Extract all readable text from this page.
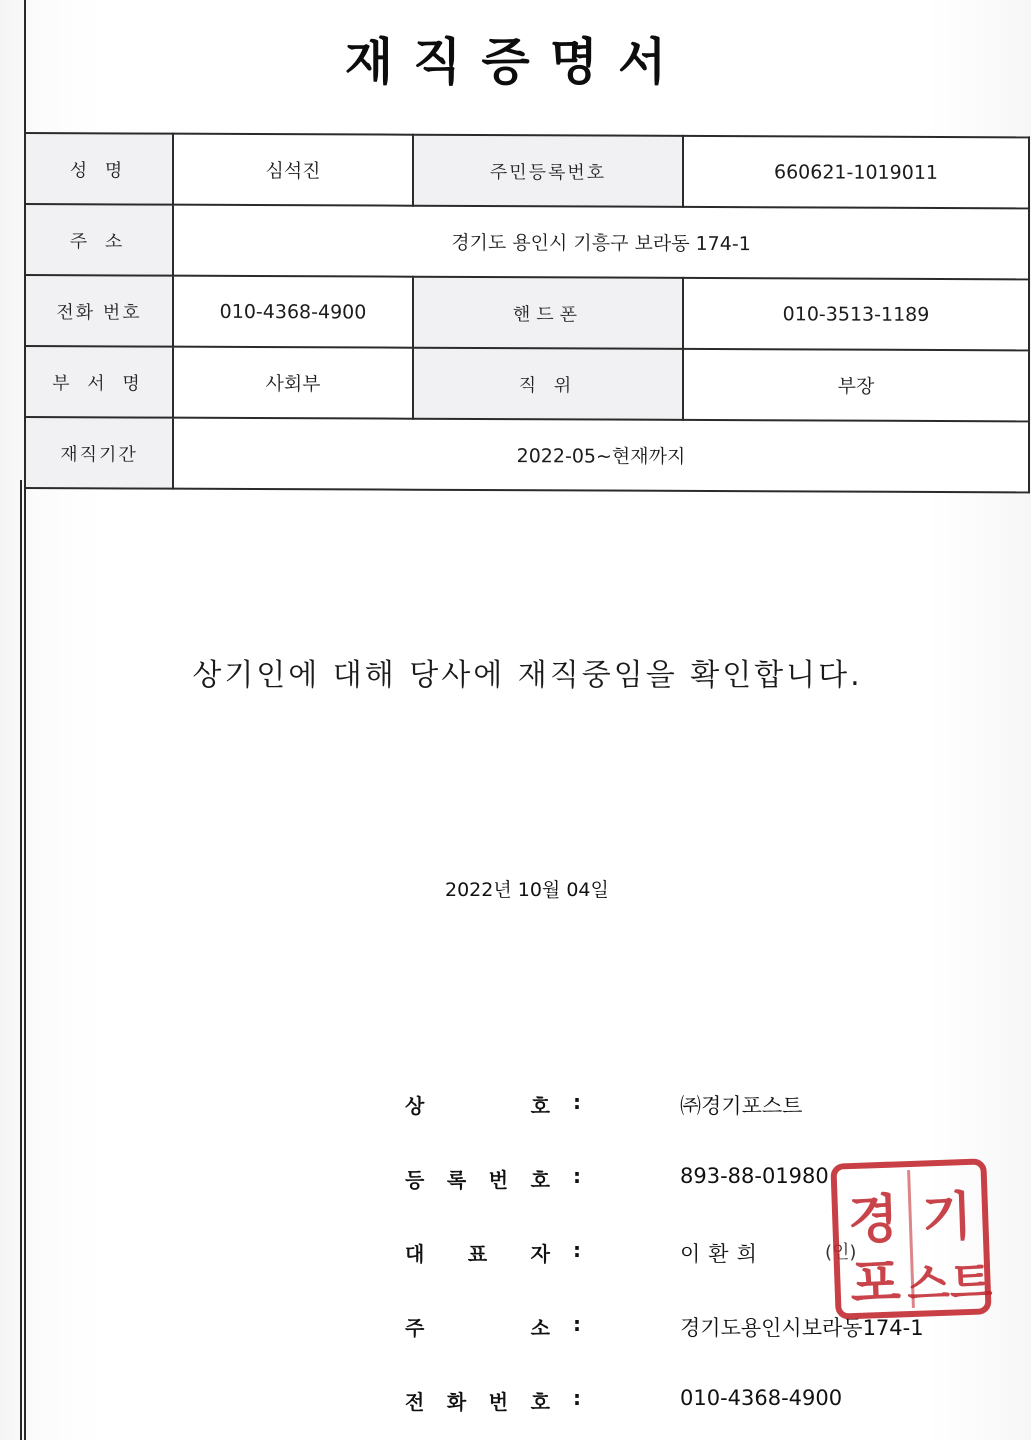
재직증명서
성 명	심석진	주민등록번호	660621-1019011
주 소	경기도 용인시 기흥구 보라동 174-1		
전화 번호	010-4368-4900	핸드폰	010-3513-1189
부 서 명	사회부	직 위	부장
재직기간	2022-05~현재까지		
상기인에 대해 당사에 재직중임을 확인합니다.
2022년 10월 04일
상	호 :	㈜경기포스트
등 록 번 호 :	893-88-01980
대 표 자 :	이환희	(인)
주	소 :	경기도용인시보라동174-1
전 화 번 호 :	010-4368-4900
경 기
포 스트
